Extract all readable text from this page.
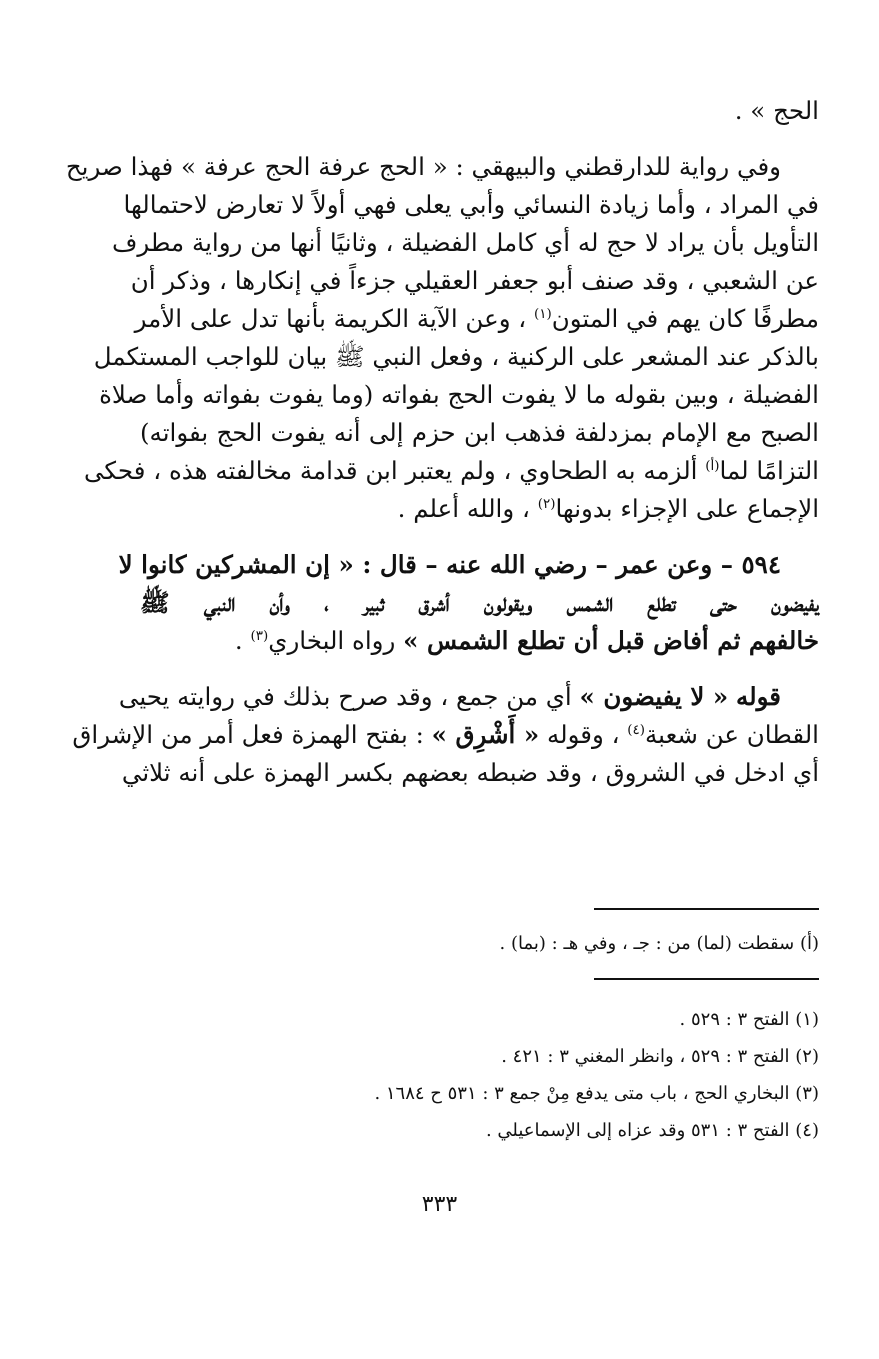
الحج » .
وفي رواية للدارقطني والبيهقي : « الحج عرفة الحج عرفة » فهذا صريح
في المراد ، وأما زيادة النسائي وأبي يعلى فهي أولاً لا تعارض لاحتمالها
التأويل بأن يراد لا حج له أي كامل الفضيلة ، وثانيًا أنها من رواية مطرف
عن الشعبي ، وقد صنف أبو جعفر العقيلي جزءاً في إنكارها ، وذكر أن
مطرفًا كان يهم في المتون$^{(١)}$ ، وعن الآية الكريمة بأنها تدل على الأمر
بالذكر عند المشعر على الركنية ، وفعل النبي ﷺ بيان للواجب المستكمل
الفضيلة ، وبين بقوله ما لا يفوت الحج بفواته (وما يفوت بفواته وأما صلاة
الصبح مع الإمام بمزدلفة فذهب ابن حزم إلى أنه يفوت الحج بفواته)
التزامًا لما$^{(أ)}$ ألزمه به الطحاوي ، ولم يعتبر ابن قدامة مخالفته هذه ، فحكى
الإجماع على الإجزاء بدونها$^{(٢)}$ ، والله أعلم .
٥٩٤ – وعن عمر – رضي الله عنه – قال : « إن المشركين كانوا لا
يفيضون حتى تطلع الشمس ويقولون أشرق ثبير ، وأن النبي ﷺ
خالفهم ثم أفاض قبل أن تطلع الشمس » رواه البخاري$^{(٣)}$ .
قوله « لا يفيضون » أي من جمع ، وقد صرح بذلك في روايته يحيى
القطان عن شعبة$^{(٤)}$ ، وقوله « أَشْرِق » : بفتح الهمزة فعل أمر من الإشراق
أي ادخل في الشروق ، وقد ضبطه بعضهم بكسر الهمزة على أنه ثلاثي
(أ) سقطت (لما) من : جـ ، وفي هـ : (بما) .
(١) الفتح ٣ : ٥٢٩ .
(٢) الفتح ٣ : ٥٢٩ ، وانظر المغني ٣ : ٤٢١ .
(٣) البخاري الحج ، باب متى يدفع مِنْ جمع ٣ : ٥٣١ ح ١٦٨٤ .
(٤) الفتح ٣ : ٥٣١ وقد عزاه إلى الإسماعيلي .
٣٣٣
